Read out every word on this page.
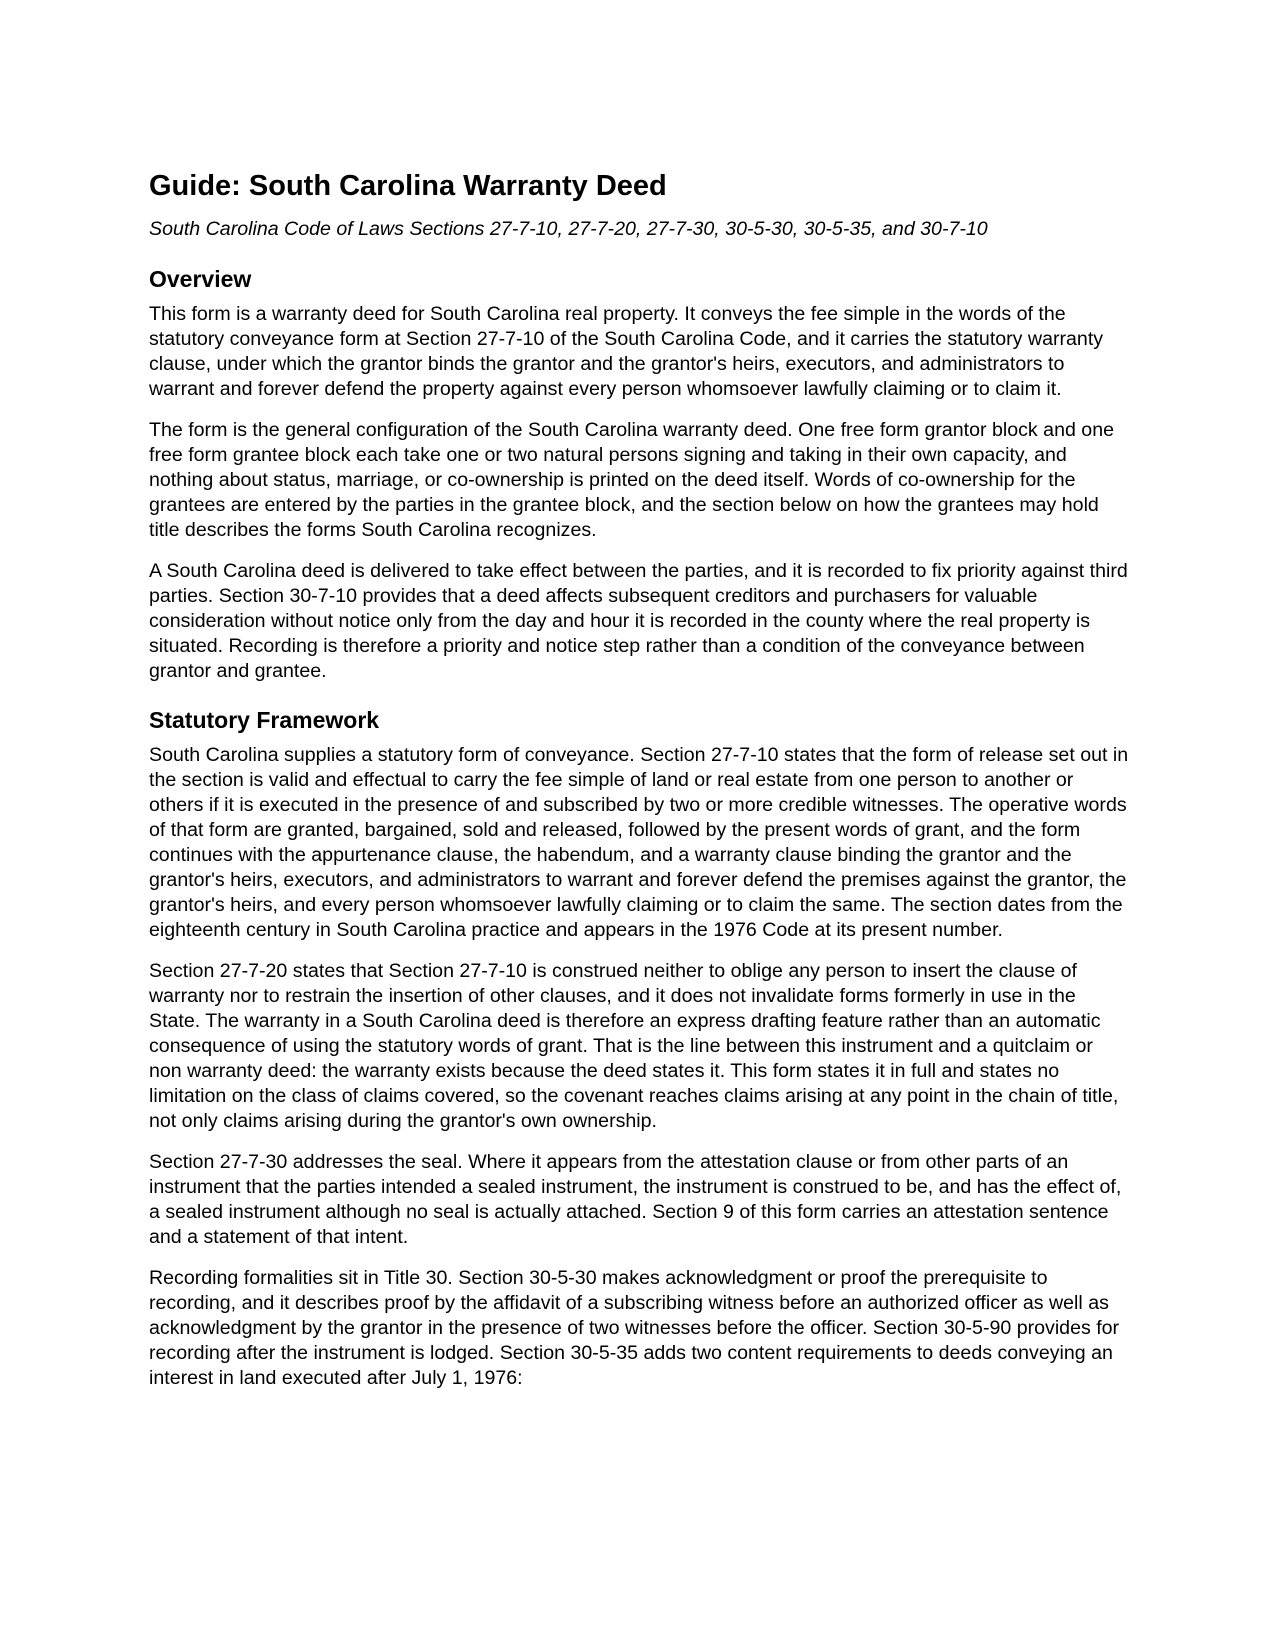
Guide: South Carolina Warranty Deed
South Carolina Code of Laws Sections 27-7-10, 27-7-20, 27-7-30, 30-5-30, 30-5-35, and 30-7-10
Overview

This form is a warranty deed for South Carolina real property. It conveys the fee simple in the words of the statutory conveyance form at Section 27-7-10 of the South Carolina Code, and it carries the statutory warranty clause, under which the grantor binds the grantor and the grantor's heirs, executors, and administrators to warrant and forever defend the property against every person whomsoever lawfully claiming or to claim it.

The form is the general configuration of the South Carolina warranty deed. One free form grantor block and one free form grantee block each take one or two natural persons signing and taking in their own capacity, and nothing about status, marriage, or co-ownership is printed on the deed itself. Words of co-ownership for the grantees are entered by the parties in the grantee block, and the section below on how the grantees may hold title describes the forms South Carolina recognizes.

A South Carolina deed is delivered to take effect between the parties, and it is recorded to fix priority against third parties. Section 30-7-10 provides that a deed affects subsequent creditors and purchasers for valuable consideration without notice only from the day and hour it is recorded in the county where the real property is situated. Recording is therefore a priority and notice step rather than a condition of the conveyance between grantor and grantee.

Statutory Framework

South Carolina supplies a statutory form of conveyance. Section 27-7-10 states that the form of release set out in the section is valid and effectual to carry the fee simple of land or real estate from one person to another or others if it is executed in the presence of and subscribed by two or more credible witnesses. The operative words of that form are granted, bargained, sold and released, followed by the present words of grant, and the form continues with the appurtenance clause, the habendum, and a warranty clause binding the grantor and the grantor's heirs, executors, and administrators to warrant and forever defend the premises against the grantor, the grantor's heirs, and every person whomsoever lawfully claiming or to claim the same. The section dates from the eighteenth century in South Carolina practice and appears in the 1976 Code at its present number.

Section 27-7-20 states that Section 27-7-10 is construed neither to oblige any person to insert the clause of warranty nor to restrain the insertion of other clauses, and it does not invalidate forms formerly in use in the State. The warranty in a South Carolina deed is therefore an express drafting feature rather than an automatic consequence of using the statutory words of grant. That is the line between this instrument and a quitclaim or non warranty deed: the warranty exists because the deed states it. This form states it in full and states no limitation on the class of claims covered, so the covenant reaches claims arising at any point in the chain of title, not only claims arising during the grantor's own ownership.

Section 27-7-30 addresses the seal. Where it appears from the attestation clause or from other parts of an instrument that the parties intended a sealed instrument, the instrument is construed to be, and has the effect of, a sealed instrument although no seal is actually attached. Section 9 of this form carries an attestation sentence and a statement of that intent.

Recording formalities sit in Title 30. Section 30-5-30 makes acknowledgment or proof the prerequisite to recording, and it describes proof by the affidavit of a subscribing witness before an authorized officer as well as acknowledgment by the grantor in the presence of two witnesses before the officer. Section 30-5-90 provides for recording after the instrument is lodged. Section 30-5-35 adds two content requirements to deeds conveying an interest in land executed after July 1, 1976:
